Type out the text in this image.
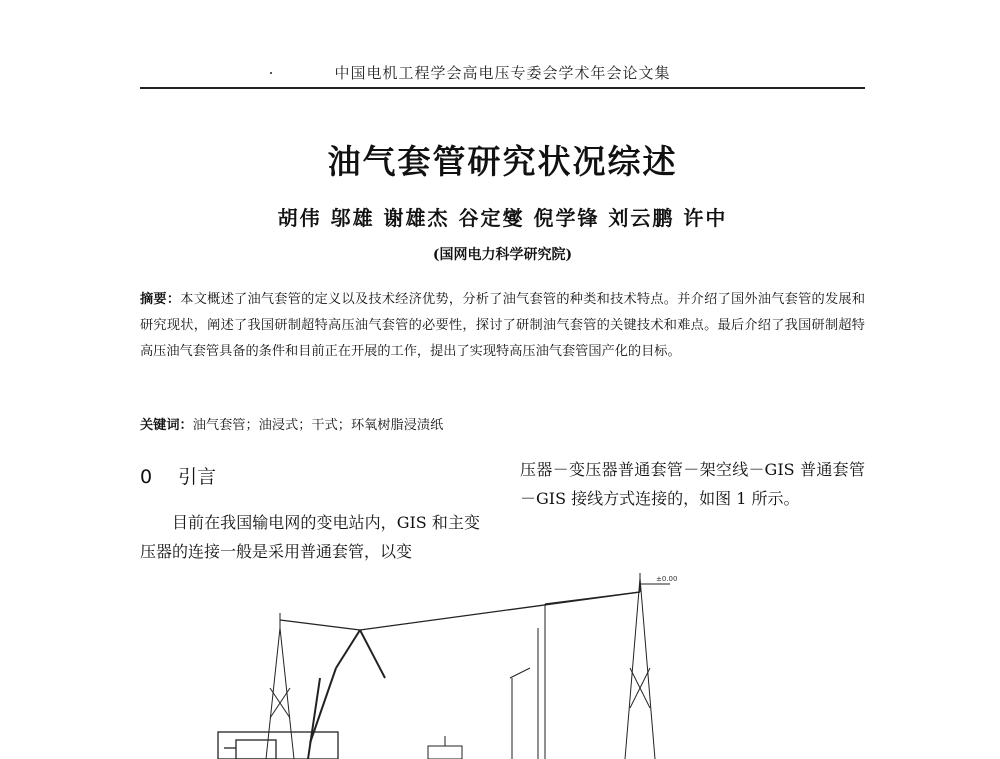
中国电机工程学会高电压专委会学术年会论文集
油气套管研究状况综述
胡伟 邬雄 谢雄杰 谷定燮 倪学锋 刘云鹏 许中
(国网电力科学研究院)
摘要：本文概述了油气套管的定义以及技术经济优势，分析了油气套管的种类和技术特点。并介绍了国外油气套管的发展和研究现状，阐述了我国研制超特高压油气套管的必要性，探讨了研制油气套管的关键技术和难点。最后介绍了我国研制超特高压油气套管具备的条件和目前正在开展的工作，提出了实现特高压油气套管国产化的目标。
关键词：油气套管；油浸式；干式；环氧树脂浸渍纸
0 引言
目前在我国输电网的变电站内，GIS 和主变压器的连接一般是采用普通套管，以变
压器－变压器普通套管－架空线－GIS 普通套管－GIS 接线方式连接的，如图 1 所示。
±0.00
